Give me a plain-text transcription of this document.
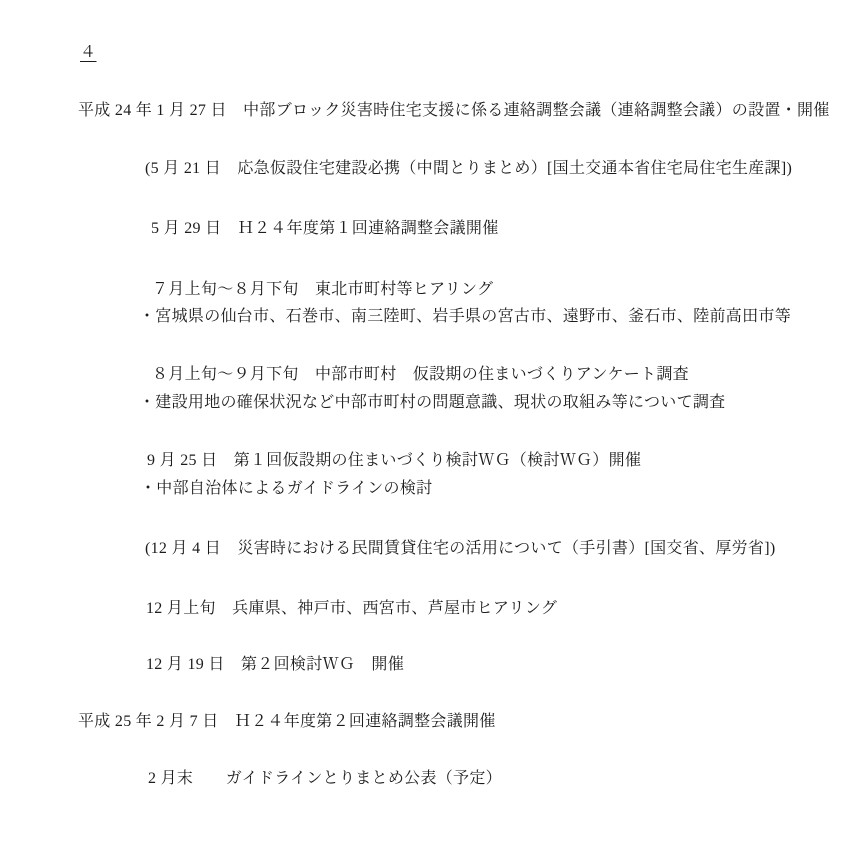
４
平成 24 年 1 月 27 日　中部ブロック災害時住宅支援に係る連絡調整会議（連絡調整会議）の設置・開催
(5 月 21 日　応急仮設住宅建設必携（中間とりまとめ）[国土交通本省住宅局住宅生産課])
5 月 29 日　Ｈ２４年度第１回連絡調整会議開催
７月上旬～８月下旬　東北市町村等ヒアリング
・宮城県の仙台市、石巻市、南三陸町、岩手県の宮古市、遠野市、釜石市、陸前高田市等
８月上旬～９月下旬　中部市町村　仮設期の住まいづくりアンケート調査
・建設用地の確保状況など中部市町村の問題意識、現状の取組み等について調査
9 月 25 日　第１回仮設期の住まいづくり検討ＷＧ（検討ＷＧ）開催
・中部自治体によるガイドラインの検討
(12 月 4 日　災害時における民間賃貸住宅の活用について（手引書）[国交省、厚労省])
12 月上旬　兵庫県、神戸市、西宮市、芦屋市ヒアリング
12 月 19 日　第２回検討ＷＧ　開催
平成 25 年 2 月 7 日　Ｈ２４年度第２回連絡調整会議開催
2 月末　　ガイドラインとりまとめ公表（予定）
